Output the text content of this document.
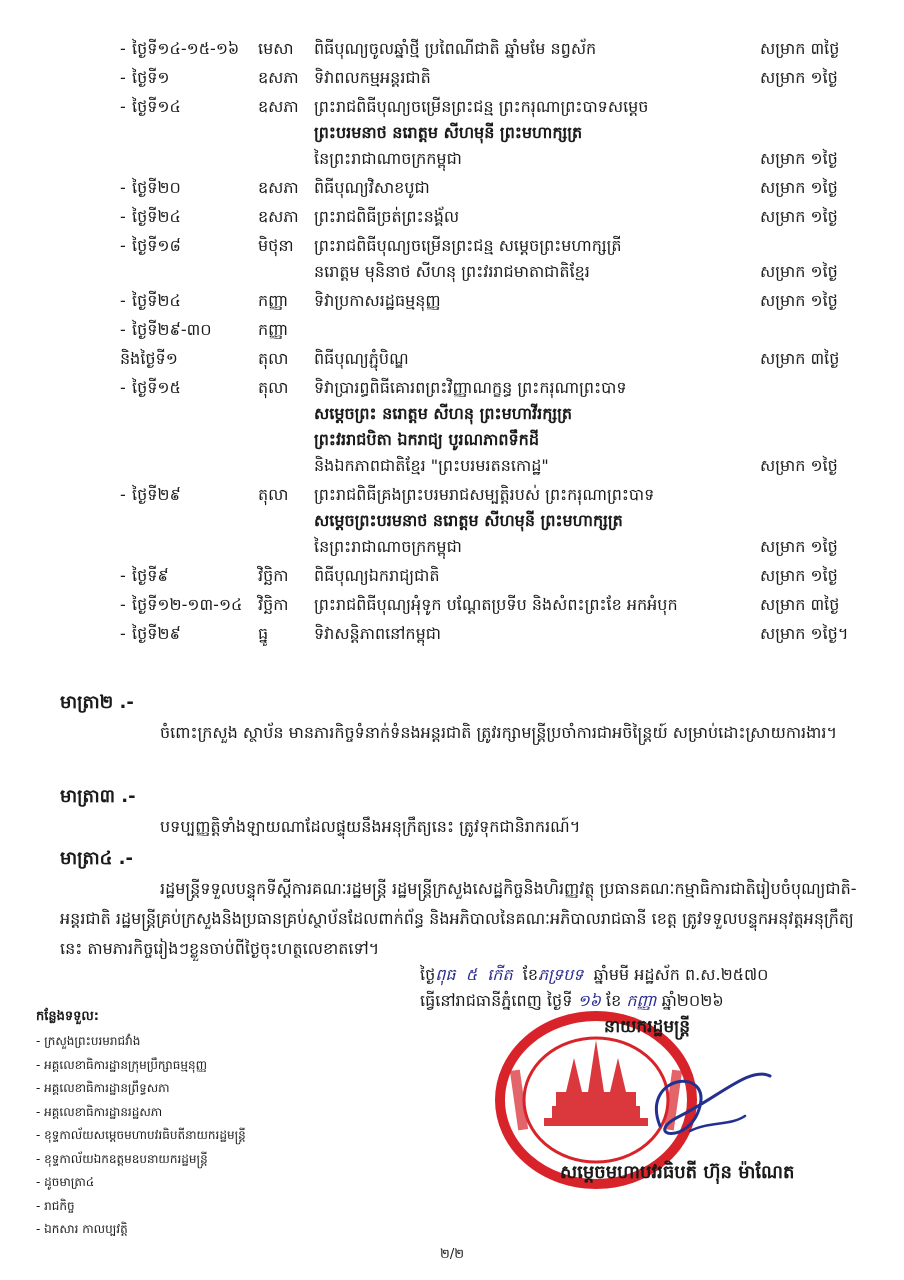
- ថ្ងៃទី១៤-១៥-១៦ មេសា ពិធីបុណ្យចូលឆ្នាំថ្មី ប្រពៃណីជាតិ ឆ្នាំមមែ នព្វស័ក	សម្រាក ៣ថ្ងៃ
- ថ្ងៃទី១	ឧសភា ទិវាពលកម្មអន្តរជាតិ	សម្រាក ១ថ្ងៃ
- ថ្ងៃទី១៤	ឧសភា ព្រះរាជពិធីបុណ្យចម្រើនព្រះជន្ម ព្រះករុណាព្រះបាទសម្តេច
ព្រះបរមនាថ នរោត្តម សីហមុនី ព្រះមហាក្សត្រ
នៃព្រះរាជាណាចក្រកម្ពុជា	សម្រាក ១ថ្ងៃ
- ថ្ងៃទី២០	ឧសភា ពិធីបុណ្យវិសាខបូជា	សម្រាក ១ថ្ងៃ
- ថ្ងៃទី២៤	ឧសភា ព្រះរាជពិធីច្រត់ព្រះនង្គ័ល	សម្រាក ១ថ្ងៃ
- ថ្ងៃទី១៨	មិថុនា ព្រះរាជពិធីបុណ្យចម្រើនព្រះជន្ម សម្តេចព្រះមហាក្សត្រី
នរោត្តម មុនិនាថ សីហនុ ព្រះវររាជមាតាជាតិខ្មែរ	សម្រាក ១ថ្ងៃ
- ថ្ងៃទី២៤	កញ្ញា ទិវាប្រកាសរដ្ឋធម្មនុញ្ញ	សម្រាក ១ថ្ងៃ
- ថ្ងៃទី២៩-៣០	កញ្ញា
និងថ្ងៃទី១	តុលា ពិធីបុណ្យភ្ជុំបិណ្ឌ	សម្រាក ៣ថ្ងៃ
- ថ្ងៃទី១៥	តុលា ទិវាប្រារព្ធពិធីគោរពព្រះវិញ្ញាណក្ខន្ធ ព្រះករុណាព្រះបាទ
សម្តេចព្រះ នរោត្តម សីហនុ ព្រះមហាវីរក្សត្រ
ព្រះវររាជបិតា ឯករាជ្យ បូរណភាពទឹកដី
និងឯកភាពជាតិខ្មែរ "ព្រះបរមរតនកោដ្ឋ"	សម្រាក ១ថ្ងៃ
- ថ្ងៃទី២៩	តុលា ព្រះរាជពិធីគ្រងព្រះបរមរាជសម្បត្តិរបស់ ព្រះករុណាព្រះបាទ
សម្តេចព្រះបរមនាថ នរោត្តម សីហមុនី ព្រះមហាក្សត្រ
នៃព្រះរាជាណាចក្រកម្ពុជា	សម្រាក ១ថ្ងៃ
- ថ្ងៃទី៩	វិច្ឆិកា ពិធីបុណ្យឯករាជ្យជាតិ	សម្រាក ១ថ្ងៃ
- ថ្ងៃទី១២-១៣-១៤ វិច្ឆិកា ព្រះរាជពិធីបុណ្យអុំទូក បណ្តែតប្រទីប និងសំពះព្រះខែ អកអំបុក	សម្រាក ៣ថ្ងៃ
- ថ្ងៃទី២៩	ធ្នូ	ទិវាសន្តិភាពនៅកម្ពុជា	សម្រាក ១ថ្ងៃ។
មាត្រា២ .-
ចំពោះក្រសួង ស្ថាប័ន មានភារកិច្ចទំនាក់ទំនងអន្តរជាតិ ត្រូវរក្សាមន្ត្រីប្រចាំការជាអចិន្ត្រៃយ៍ សម្រាប់ដោះស្រាយការងារ។
មាត្រា៣ .-
បទប្បញ្ញត្តិទាំងឡាយណាដែលផ្ទុយនឹងអនុក្រឹត្យនេះ ត្រូវទុកជានិរាករណ៍។
មាត្រា៤ .-
រដ្ឋមន្ត្រីទទួលបន្ទុកទីស្តីការគណៈរដ្ឋមន្ត្រី រដ្ឋមន្ត្រីក្រសួងសេដ្ឋកិច្ចនិងហិរញ្ញវត្ថុ ប្រធានគណៈកម្មាធិការជាតិរៀបចំបុណ្យជាតិ-អន្តរជាតិ រដ្ឋមន្ត្រីគ្រប់ក្រសួងនិងប្រធានគ្រប់ស្ថាប័នដែលពាក់ព័ន្ធ និងអភិបាលនៃគណៈអភិបាលរាជធានី ខេត្ត ត្រូវទទួលបន្ទុកអនុវត្តអនុក្រឹត្យនេះ តាមភារកិច្ចរៀងៗខ្លួនចាប់ពីថ្ងៃចុះហត្ថលេខាតទៅ។
ថ្ងៃពុធ ៥ កើត ខែភទ្របទ ឆ្នាំមមី អដ្ឋស័ក ព.ស.២៥៧០
ធ្វើនៅរាជធានីភ្នំពេញ ថ្ងៃទី ១៦ ខែ កញ្ញា ឆ្នាំ២០២៦
នាយករដ្ឋមន្ត្រី
សម្តេចមហាបវរធិបតី ហ៊ុន ម៉ាណែត
កន្លែងទទួល:
- ក្រសួងព្រះបរមរាជវាំង
- អគ្គលេខាធិការដ្ឋានក្រុមប្រឹក្សាធម្មនុញ្ញ
- អគ្គលេខាធិការដ្ឋានព្រឹទ្ធសភា
- អគ្គលេខាធិការដ្ឋានរដ្ឋសភា
- ខុទ្ទកាល័យសម្តេចមហាបវរធិបតីនាយករដ្ឋមន្ត្រី
- ខុទ្ទកាល័យឯកឧត្តមឧបនាយករដ្ឋមន្ត្រី
- ដូចមាត្រា៤
- រាជកិច្ច
- ឯកសារ កាលប្បវត្តិ
២/២
